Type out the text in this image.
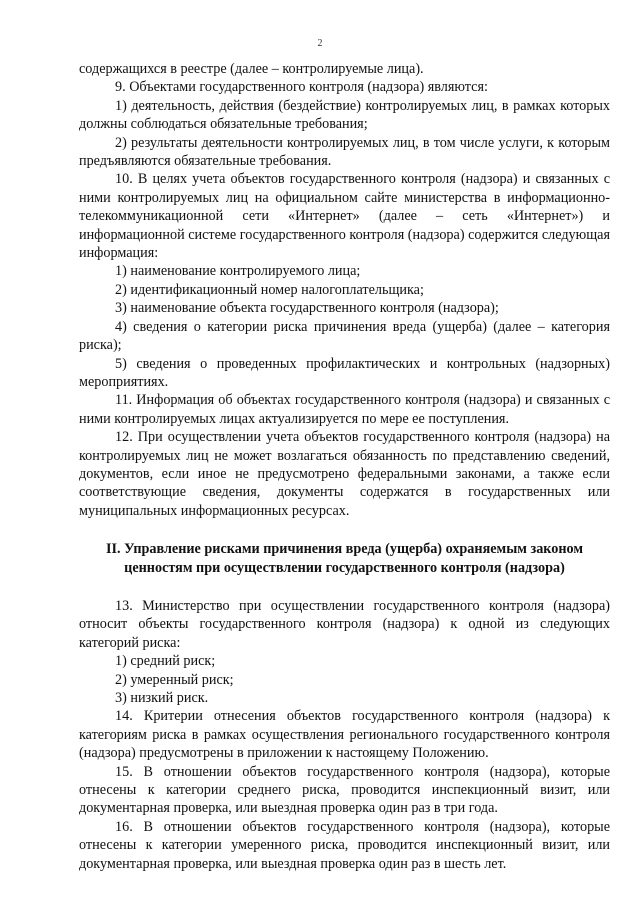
2

содержащихся в реестре (далее – контролируемые лица).

9. Объектами государственного контроля (надзора) являются:

1) деятельность, действия (бездействие) контролируемых лиц, в рамках которых должны соблюдаться обязательные требования;

2) результаты деятельности контролируемых лиц, в том числе услуги, к которым предъявляются обязательные требования.

10. В целях учета объектов государственного контроля (надзора) и связанных с ними контролируемых лиц на официальном сайте министерства в информационно-телекоммуникационной сети «Интернет» (далее – сеть «Интернет») и информационной системе государственного контроля (надзора) содержится следующая информация:

1) наименование контролируемого лица;

2) идентификационный номер налогоплательщика;

3) наименование объекта государственного контроля (надзора);

4) сведения о категории риска причинения вреда (ущерба) (далее – категория риска);

5) сведения о проведенных профилактических и контрольных (надзорных) мероприятиях.

11. Информация об объектах государственного контроля (надзора) и связанных с ними контролируемых лицах актуализируется по мере ее поступления.

12. При осуществлении учета объектов государственного контроля (надзора) на контролируемых лиц не может возлагаться обязанность по представлению сведений, документов, если иное не предусмотрено федеральными законами, а также если соответствующие сведения, документы содержатся в государственных или муниципальных информационных ресурсах.

II. Управление рисками причинения вреда (ущерба) охраняемым законом ценностям при осуществлении государственного контроля (надзора)

13. Министерство при осуществлении государственного контроля (надзора) относит объекты государственного контроля (надзора) к одной из следующих категорий риска:

1) средний риск;

2) умеренный риск;

3) низкий риск.

14. Критерии отнесения объектов государственного контроля (надзора) к категориям риска в рамках осуществления регионального государственного контроля (надзора) предусмотрены в приложении к настоящему Положению.

15. В отношении объектов государственного контроля (надзора), которые отнесены к категории среднего риска, проводится инспекционный визит, или документарная проверка, или выездная проверка один раз в три года.

16. В отношении объектов государственного контроля (надзора), которые отнесены к категории умеренного риска, проводится инспекционный визит, или документарная проверка, или выездная проверка один раз в шесть лет.
